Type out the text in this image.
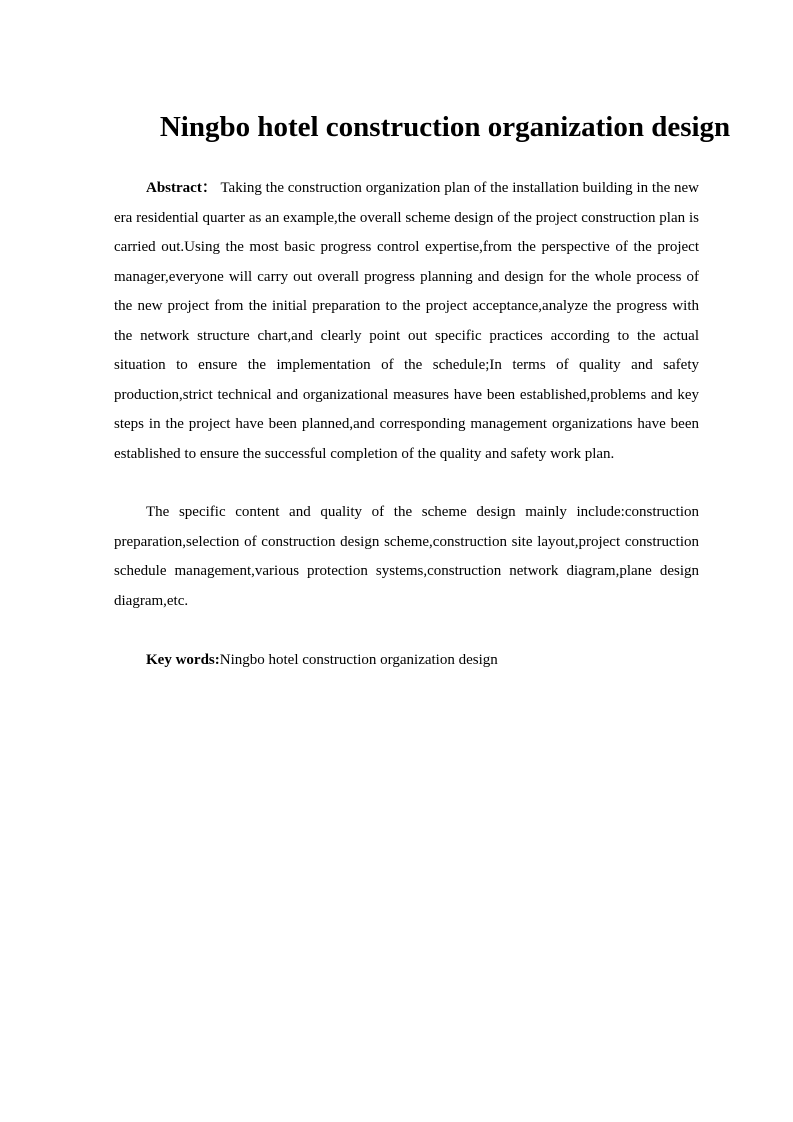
Ningbo hotel construction organization design

Abstract： Taking the construction organization plan of the installation building in the new era residential quarter as an example,the overall scheme design of the project construction plan is carried out.Using the most basic progress control expertise,from the perspective of the project manager,everyone will carry out overall progress planning and design for the whole process of the new project from the initial preparation to the project acceptance,analyze the progress with the network structure chart,and clearly point out specific practices according to the actual situation to ensure the implementation of the schedule;In terms of quality and safety production,strict technical and organizational measures have been established,problems and key steps in the project have been planned,and corresponding management organizations have been established to ensure the successful completion of the quality and safety work plan.

The specific content and quality of the scheme design mainly include:construction preparation,selection of construction design scheme,construction site layout,project construction schedule management,various protection systems,construction network diagram,plane design diagram,etc.

Key words:Ningbo hotel construction organization design
